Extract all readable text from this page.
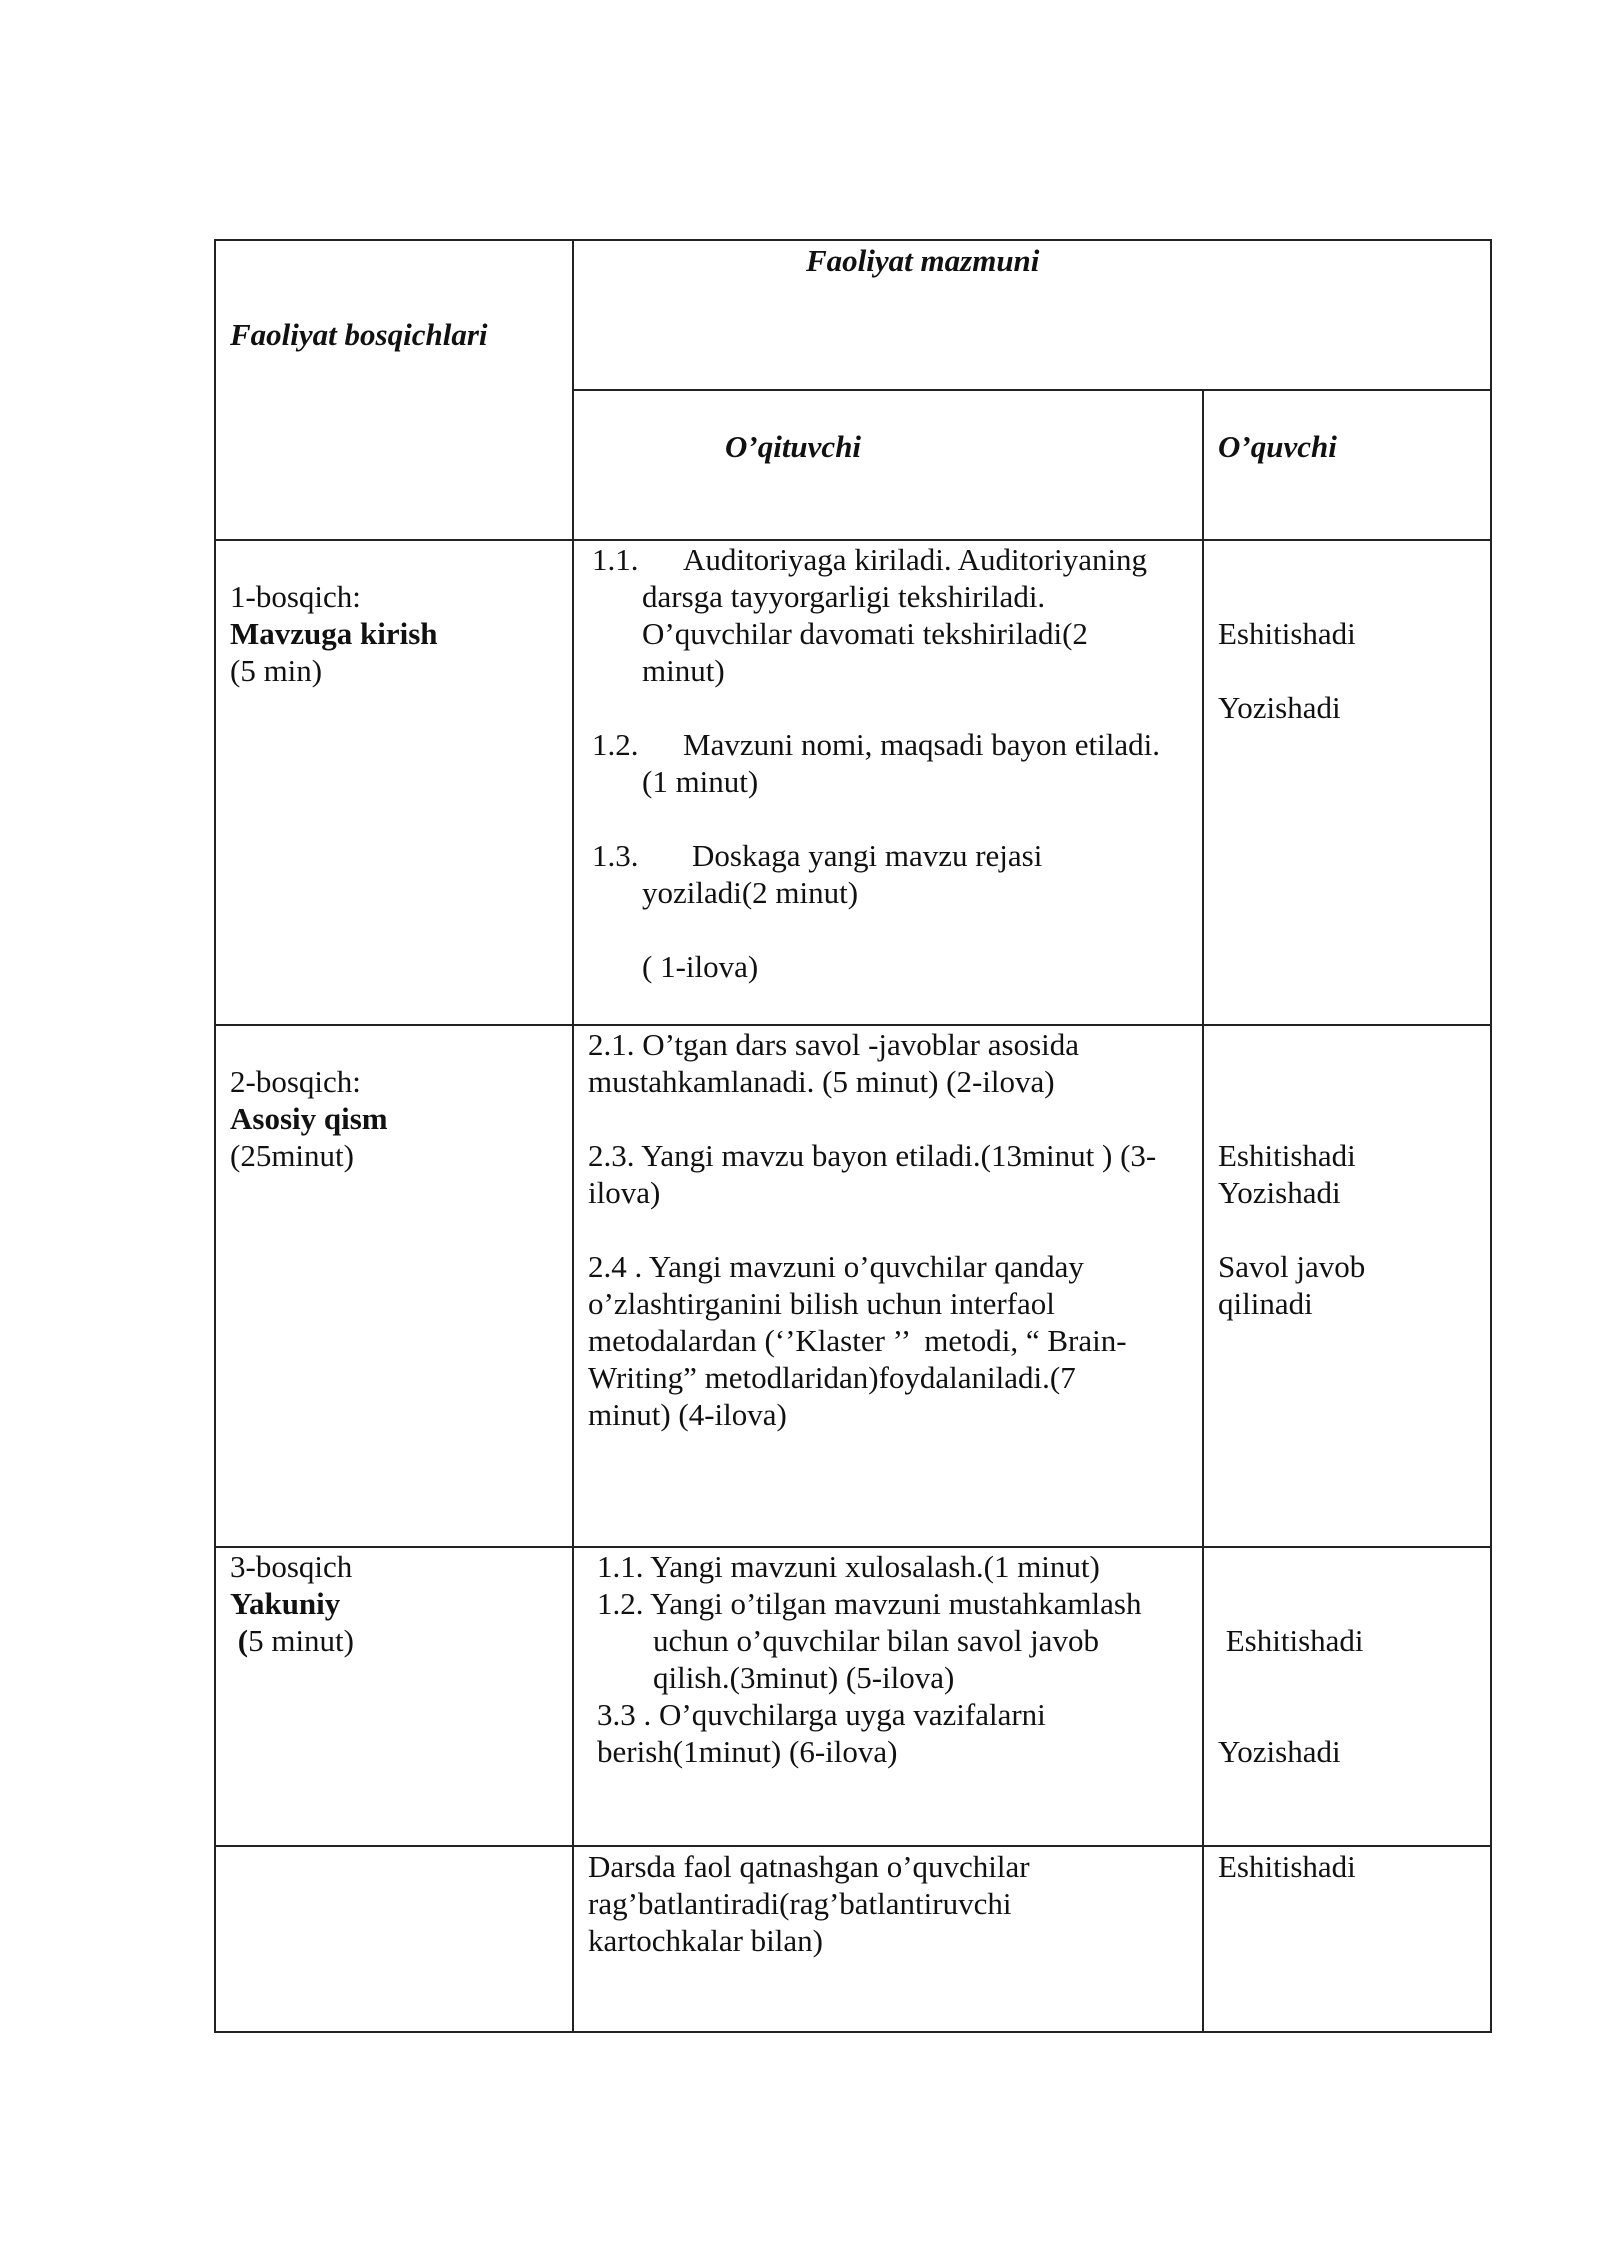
Faoliyat bosqichlari
Faoliyat mazmuni
O’qituvchi	O’quvchi
1-bosqich:
Mavzuga kirish
(5 min)
1.1. Auditoriyaga kiriladi. Auditoriyaning
darsga tayyorgarligi tekshiriladi.
O’quvchilar davomati tekshiriladi(2
minut)
1.2. Mavzuni nomi, maqsadi bayon etiladi.
(1 minut)
1.3. Doskaga yangi mavzu rejasi
yoziladi(2 minut)
( 1-ilova)
Eshitishadi
Yozishadi
2-bosqich:
Asosiy qism
(25minut)
2.1. O’tgan dars savol -javoblar asosida
mustahkamlanadi. (5 minut) (2-ilova)
2.3. Yangi mavzu bayon etiladi.(13minut ) (3-
ilova)
2.4 . Yangi mavzuni o’quvchilar qanday
o’zlashtirganini bilish uchun interfaol
metodalardan (‘’Klaster ’’  metodi, “ Brain-
Writing” metodlaridan)foydalaniladi.(7
minut) (4-ilova)
Eshitishadi
Yozishadi
Savol javob
qilinadi
3-bosqich
Yakuniy
(5 minut)
1.1. Yangi mavzuni xulosalash.(1 minut)
1.2. Yangi o’tilgan mavzuni mustahkamlash
uchun o’quvchilar bilan savol javob
qilish.(3minut) (5-ilova)
3.3 . O’quvchilarga uyga vazifalarni
berish(1minut) (6-ilova)

Eshitishadi

Yozishadi

Darsda faol qatnashgan o’quvchilar
rag’batlantiradi(rag’batlantiruvchi
kartochkalar bilan)
Eshitishadi
